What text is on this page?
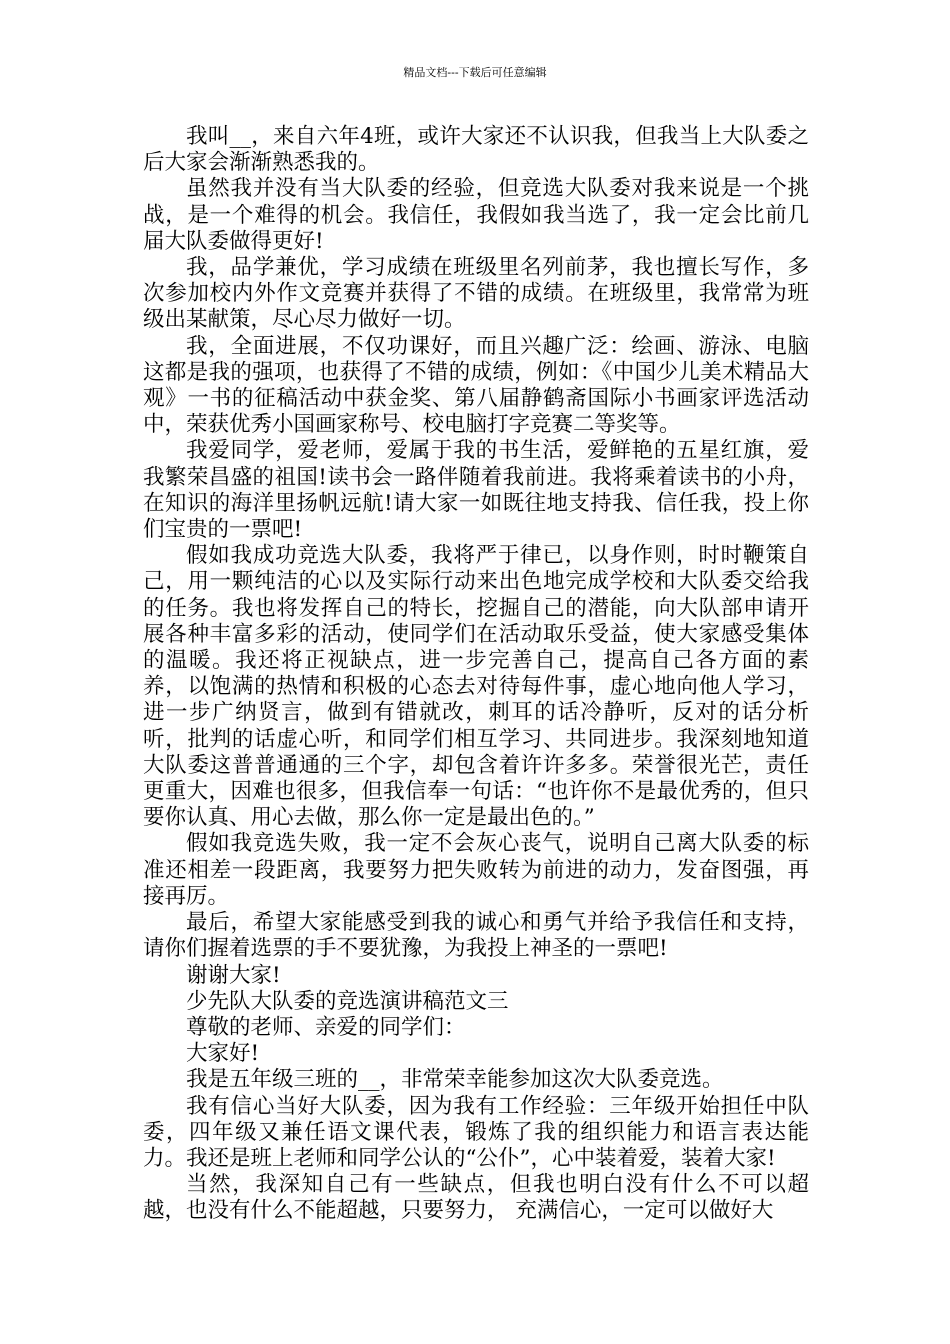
精品文档---下载后可任意编辑

我叫__，来自六年4班，或许大家还不认识我，但我当上大队委之后大家会渐渐熟悉我的。

虽然我并没有当大队委的经验，但竞选大队委对我来说是一个挑战，是一个难得的机会。我信任，我假如我当选了，我一定会比前几届大队委做得更好!

我，品学兼优，学习成绩在班级里名列前茅，我也擅长写作，多次参加校内外作文竞赛并获得了不错的成绩。在班级里，我常常为班级出某献策，尽心尽力做好一切。

我，全面进展，不仅功课好，而且兴趣广泛：绘画、游泳、电脑这都是我的强项，也获得了不错的成绩，例如：《中国少儿美术精品大观》一书的征稿活动中获金奖、第八届静鹤斋国际小书画家评选活动中，荣获优秀小国画家称号、校电脑打字竞赛二等奖等。

我爱同学，爱老师，爱属于我的书生活，爱鲜艳的五星红旗，爱我繁荣昌盛的祖国!读书会一路伴随着我前进。我将乘着读书的小舟，在知识的海洋里扬帆远航!请大家一如既往地支持我、信任我，投上你们宝贵的一票吧!

假如我成功竞选大队委，我将严于律已，以身作则，时时鞭策自己，用一颗纯洁的心以及实际行动来出色地完成学校和大队委交给我的任务。我也将发挥自己的特长，挖掘自己的潜能，向大队部申请开展各种丰富多彩的活动，使同学们在活动取乐受益，使大家感受集体的温暖。我还将正视缺点，进一步完善自己，提高自己各方面的素养，以饱满的热情和积极的心态去对待每件事，虚心地向他人学习，进一步广纳贤言，做到有错就改，刺耳的话冷静听，反对的话分析听，批判的话虚心听，和同学们相互学习、共同进步。我深刻地知道大队委这普普通通的三个字，却包含着许许多多。荣誉很光芒，责任更重大，因难也很多，但我信奉一句话：“也许你不是最优秀的，但只要你认真、用心去做，那么你一定是最出色的。”

假如我竞选失败，我一定不会灰心丧气，说明自己离大队委的标准还相差一段距离，我要努力把失败转为前进的动力，发奋图强，再接再厉。

最后，希望大家能感受到我的诚心和勇气并给予我信任和支持，请你们握着选票的手不要犹豫，为我投上神圣的一票吧!

谢谢大家!

少先队大队委的竞选演讲稿范文三

尊敬的老师、亲爱的同学们：

大家好!

我是五年级三班的__，非常荣幸能参加这次大队委竞选。

我有信心当好大队委，因为我有工作经验：三年级开始担任中队委，四年级又兼任语文课代表，锻炼了我的组织能力和语言表达能力。我还是班上老师和同学公认的“公仆”，心中装着爱，装着大家!

当然，我深知自己有一些缺点，但我也明白没有什么不可以超越，也没有什么不能超越，只要努力， 充满信心，一定可以做好大
